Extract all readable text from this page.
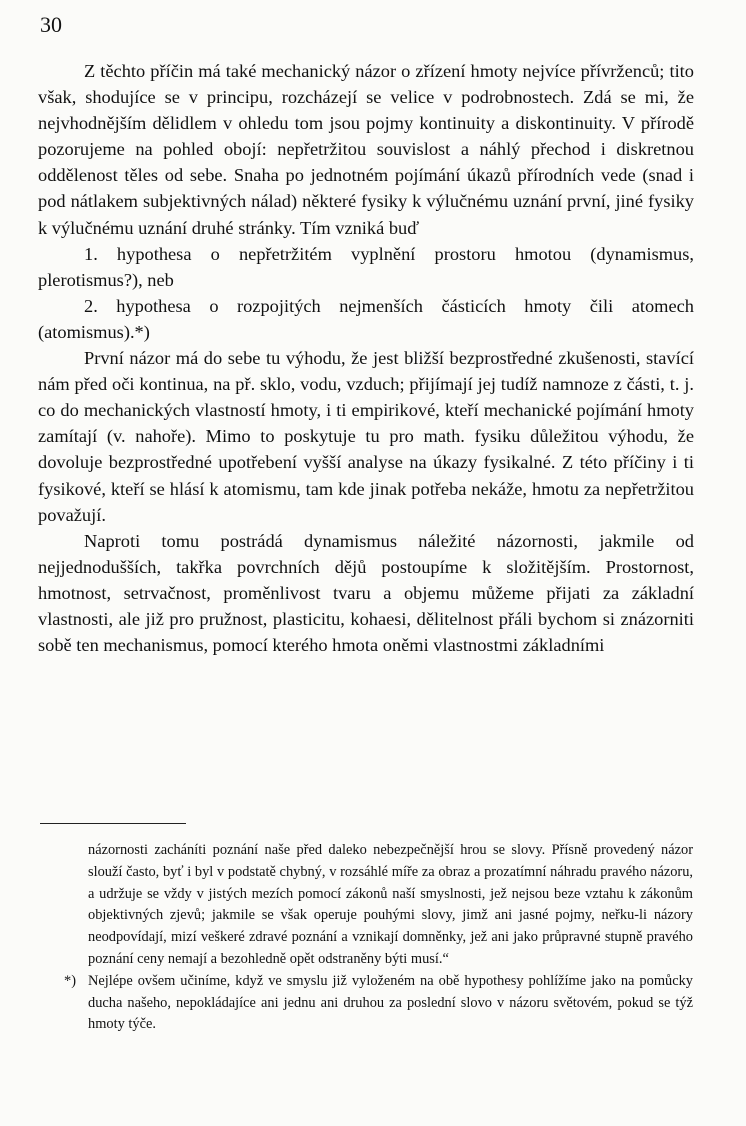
30

Z těchto příčin má také mechanický názor o zřízení hmoty nejvíce přívrženců; tito však, shodujíce se v principu, rozcházejí se velice v podrobnostech. Zdá se mi, že nejvhodnějším dělidlem v ohledu tom jsou pojmy kontinuity a diskontinuity. V přírodě pozorujeme na pohled obojí: nepřetržitou souvislost a náhlý přechod i diskretnou oddělenost těles od sebe. Snaha po jednotném pojímání úkazů přírodních vede (snad i pod nátlakem subjektivných nálad) některé fysiky k výlučnému uznání první, jiné fysiky k výlučnému uznání druhé stránky. Tím vzniká buď

1. hypothesa o nepřetržitém vyplnění prostoru hmotou (dynamismus, plerotismus?), neb

2. hypothesa o rozpojitých nejmenších částicích hmoty čili atomech (atomismus).*)

První názor má do sebe tu výhodu, že jest bližší bezprostředné zkušenosti, stavící nám před oči kontinua, na př. sklo, vodu, vzduch; přijímají jej tudíž namnoze z části, t. j. co do mechanických vlastností hmoty, i ti empirikové, kteří mechanické pojímání hmoty zamítají (v. nahoře). Mimo to poskytuje tu pro math. fysiku důležitou výhodu, že dovoluje bezprostředné upotřebení vyšší analyse na úkazy fysikalné. Z této příčiny i ti fysikové, kteří se hlásí k atomismu, tam kde jinak potřeba nekáže, hmotu za nepřetržitou považují.

Naproti tomu postrádá dynamismus náležité názornosti, jakmile od nejjednodušších, takřka povrchních dějů postoupíme k složitějším. Prostornost, hmotnost, setrvačnost, proměnlivost tvaru a objemu můžeme přijati za základní vlastnosti, ale již pro pružnost, plasticitu, kohaesi, dělitelnost přáli bychom si znázorniti sobě ten mechanismus, pomocí kterého hmota oněmi vlastnostmi základními

názornosti zacháníti poznání naše před daleko nebezpečnější hrou se slovy. Přísně provedený názor slouží často, byť i byl v podstatě chybný, v rozsáhlé míře za obraz a prozatímní náhradu pravého názoru, a udržuje se vždy v jistých mezích pomocí zákonů naší smyslnosti, jež nejsou beze vztahu k zákonům objektivných zjevů; jakmile se však operuje pouhými slovy, jimž ani jasné pojmy, neřku-li názory neodpovídají, mizí veškeré zdravé poznání a vznikají domněnky, jež ani jako průpravné stupně pravého poznání ceny nemají a bezohledně opět odstraněny býti musí.“

*) Nejlépe ovšem učiníme, když ve smyslu již vyloženém na obě hypothesy pohlížíme jako na pomůcky ducha našeho, nepokládajíce ani jednu ani druhou za poslední slovo v názoru světovém, pokud se týž hmoty týče.
